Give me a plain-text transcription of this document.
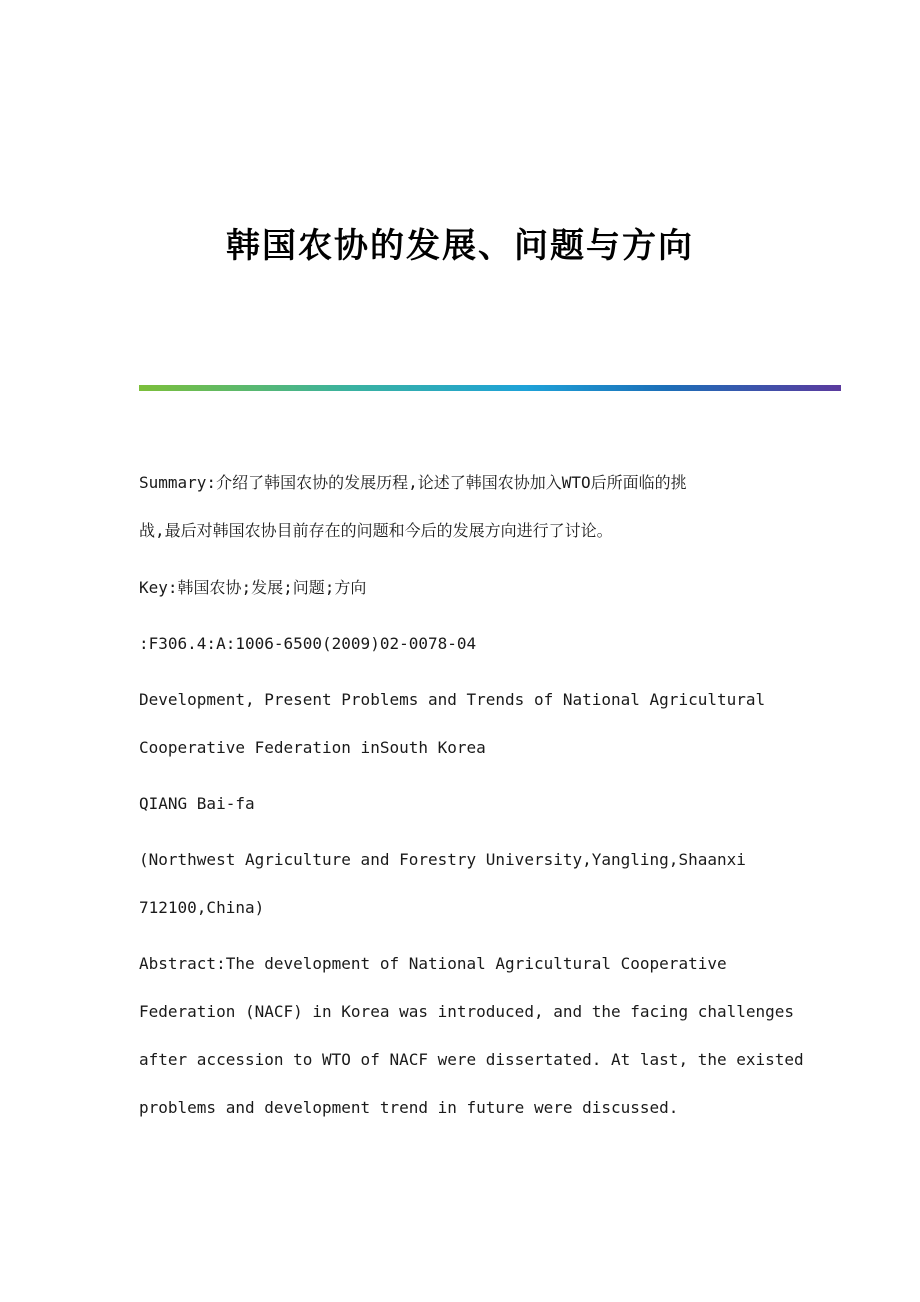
韩国农协的发展、问题与方向

Summary:介绍了韩国农协的发展历程,论述了韩国农协加入WTO后所面临的挑
战,最后对韩国农协目前存在的问题和今后的发展方向进行了讨论。

Key:韩国农协;发展;问题;方向

:F306.4:A:1006-6500(2009)02-0078-04

Development, Present Problems and Trends of National Agricultural
Cooperative Federation inSouth Korea

QIANG Bai-fa

(Northwest Agriculture and Forestry University,Yangling,Shaanxi
712100,China)

Abstract:The development of National Agricultural Cooperative
Federation (NACF) in Korea was introduced, and the facing challenges
after accession to WTO of NACF were dissertated. At last, the existed
problems and development trend in future were discussed.
